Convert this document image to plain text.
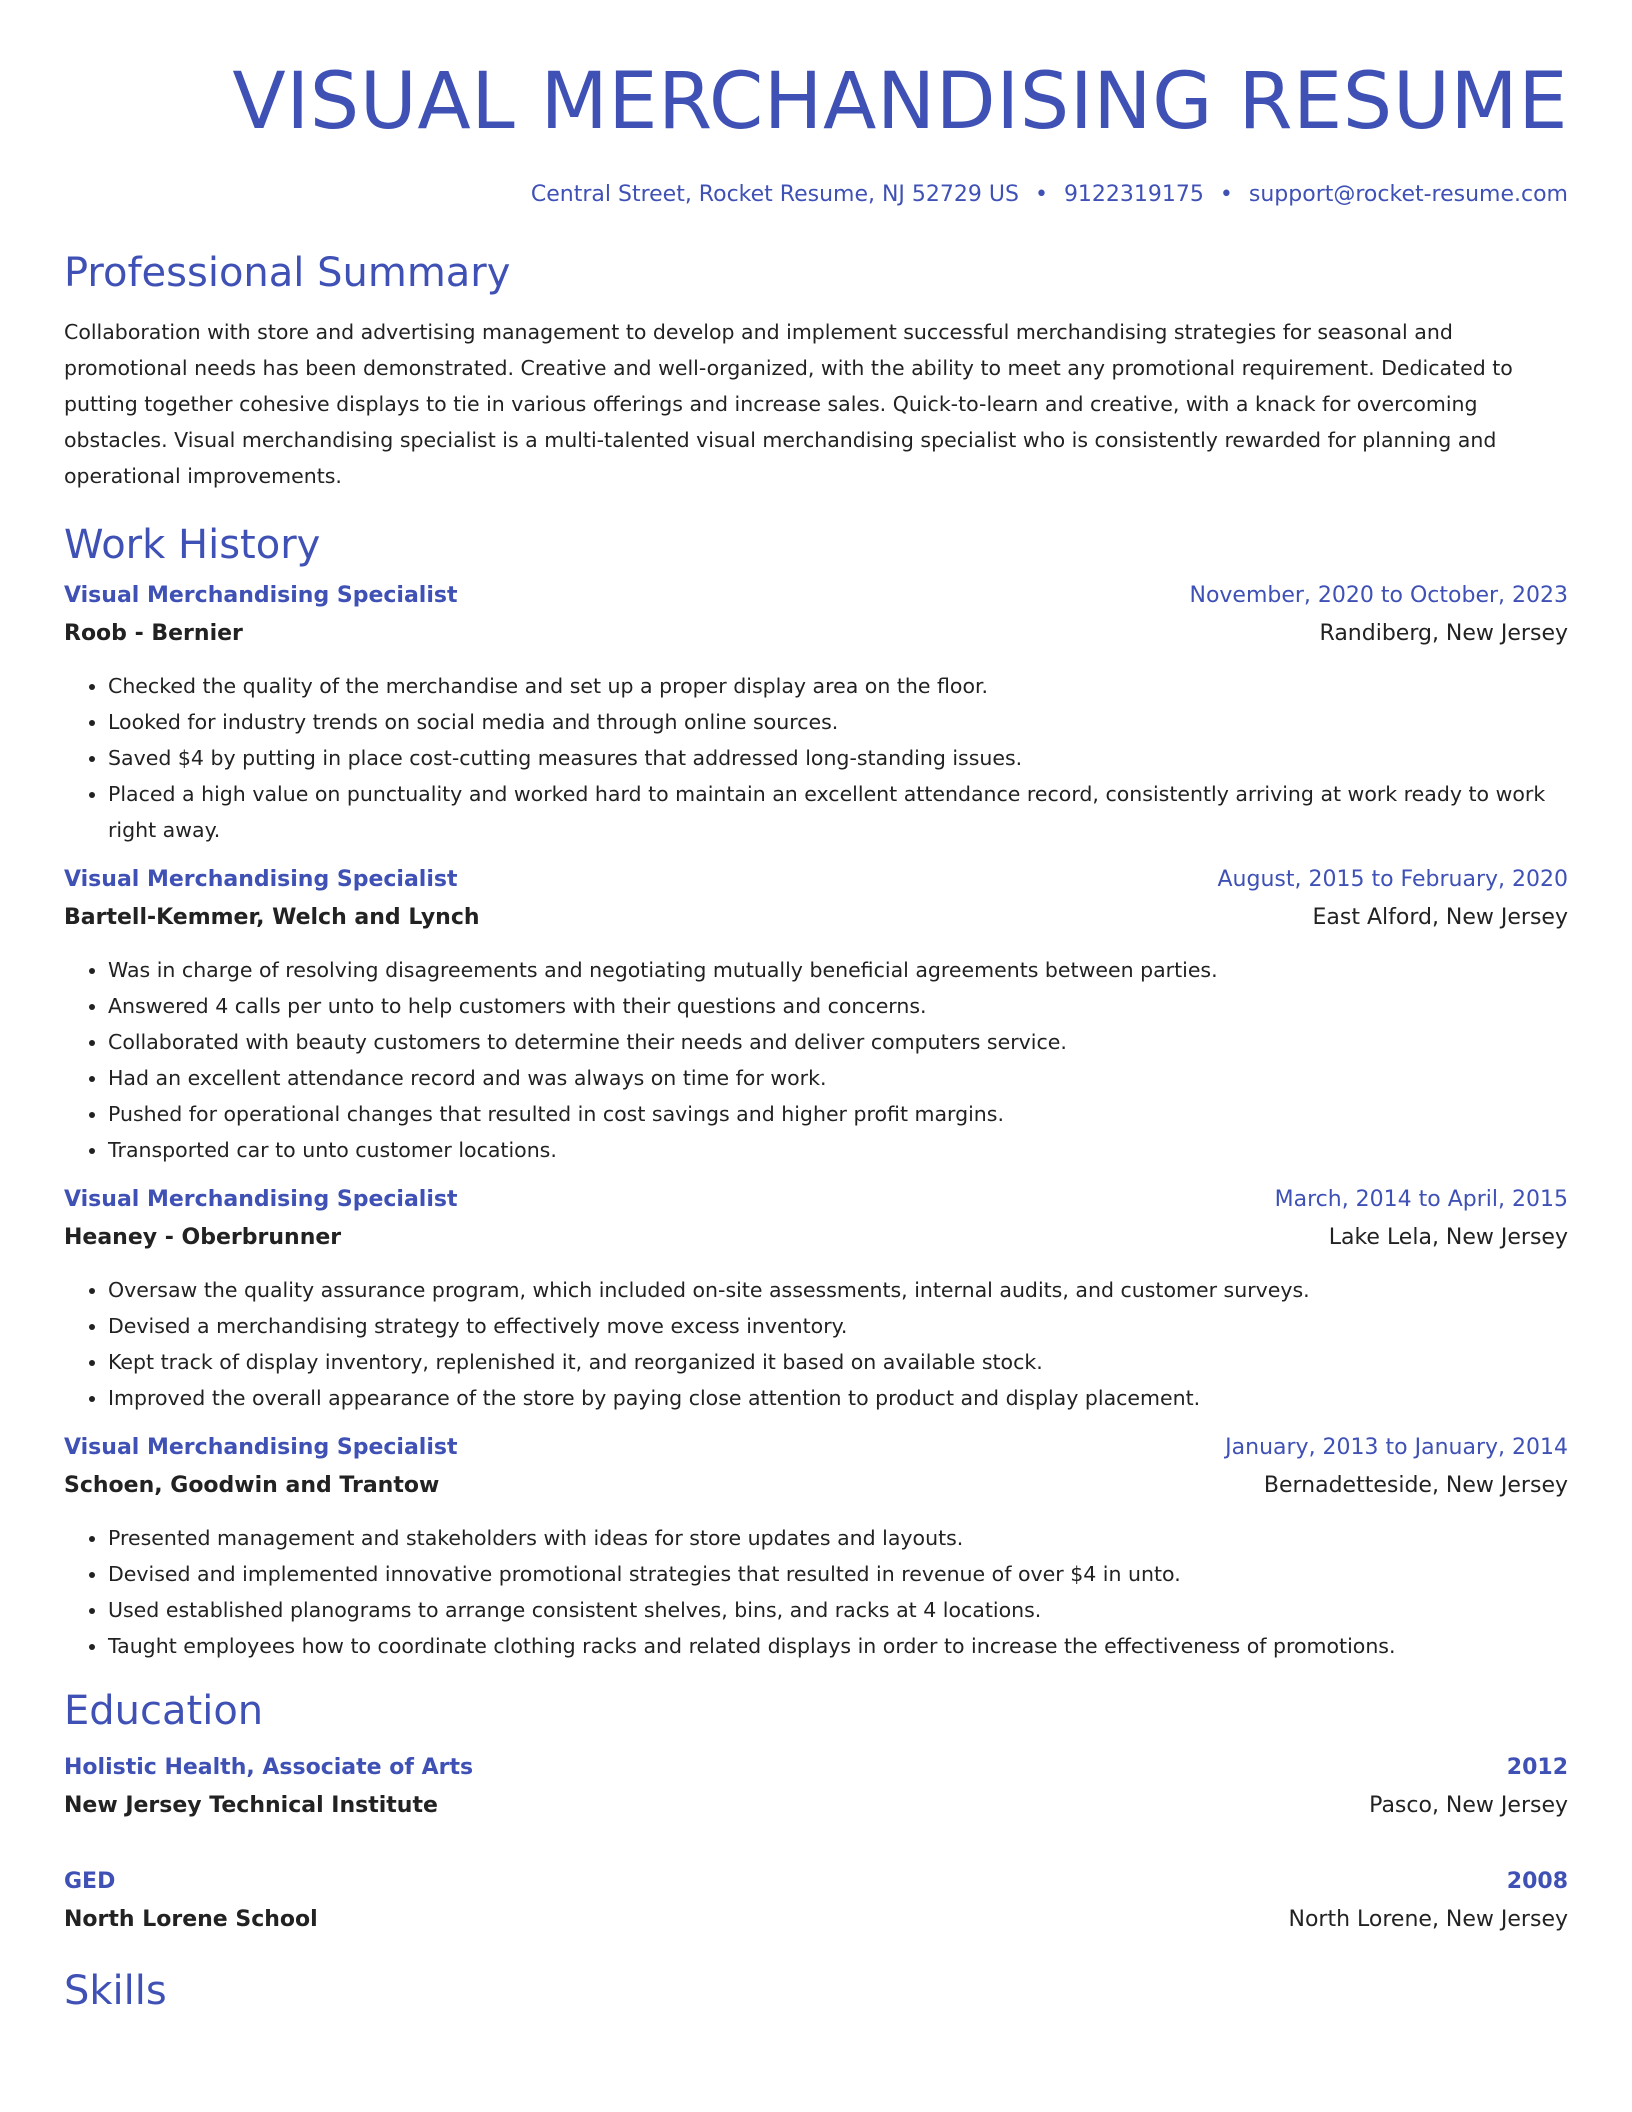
VISUAL MERCHANDISING RESUME
Central Street, Rocket Resume, NJ 52729 US • 9122319175 • support@rocket-resume.com
Professional Summary
Collaboration with store and advertising management to develop and implement successful merchandising strategies for seasonal and promotional needs has been demonstrated. Creative and well-organized, with the ability to meet any promotional requirement. Dedicated to putting together cohesive displays to tie in various offerings and increase sales. Quick-to-learn and creative, with a knack for overcoming obstacles. Visual merchandising specialist is a multi-talented visual merchandising specialist who is consistently rewarded for planning and operational improvements.
Work History
Visual Merchandising Specialist	November, 2020 to October, 2023
Roob - Bernier	Randiberg, New Jersey
• Checked the quality of the merchandise and set up a proper display area on the floor.
• Looked for industry trends on social media and through online sources.
• Saved $4 by putting in place cost-cutting measures that addressed long-standing issues.
• Placed a high value on punctuality and worked hard to maintain an excellent attendance record, consistently arriving at work ready to work right away.
Visual Merchandising Specialist	August, 2015 to February, 2020
Bartell-Kemmer, Welch and Lynch	East Alford, New Jersey
• Was in charge of resolving disagreements and negotiating mutually beneficial agreements between parties.
• Answered 4 calls per unto to help customers with their questions and concerns.
• Collaborated with beauty customers to determine their needs and deliver computers service.
• Had an excellent attendance record and was always on time for work.
• Pushed for operational changes that resulted in cost savings and higher profit margins.
• Transported car to unto customer locations.
Visual Merchandising Specialist	March, 2014 to April, 2015
Heaney - Oberbrunner	Lake Lela, New Jersey
• Oversaw the quality assurance program, which included on-site assessments, internal audits, and customer surveys.
• Devised a merchandising strategy to effectively move excess inventory.
• Kept track of display inventory, replenished it, and reorganized it based on available stock.
• Improved the overall appearance of the store by paying close attention to product and display placement.
Visual Merchandising Specialist	January, 2013 to January, 2014
Schoen, Goodwin and Trantow	Bernadetteside, New Jersey
• Presented management and stakeholders with ideas for store updates and layouts.
• Devised and implemented innovative promotional strategies that resulted in revenue of over $4 in unto.
• Used established planograms to arrange consistent shelves, bins, and racks at 4 locations.
• Taught employees how to coordinate clothing racks and related displays in order to increase the effectiveness of promotions.
Education
Holistic Health, Associate of Arts	2012
New Jersey Technical Institute	Pasco, New Jersey
GED	2008
North Lorene School	North Lorene, New Jersey
Skills
